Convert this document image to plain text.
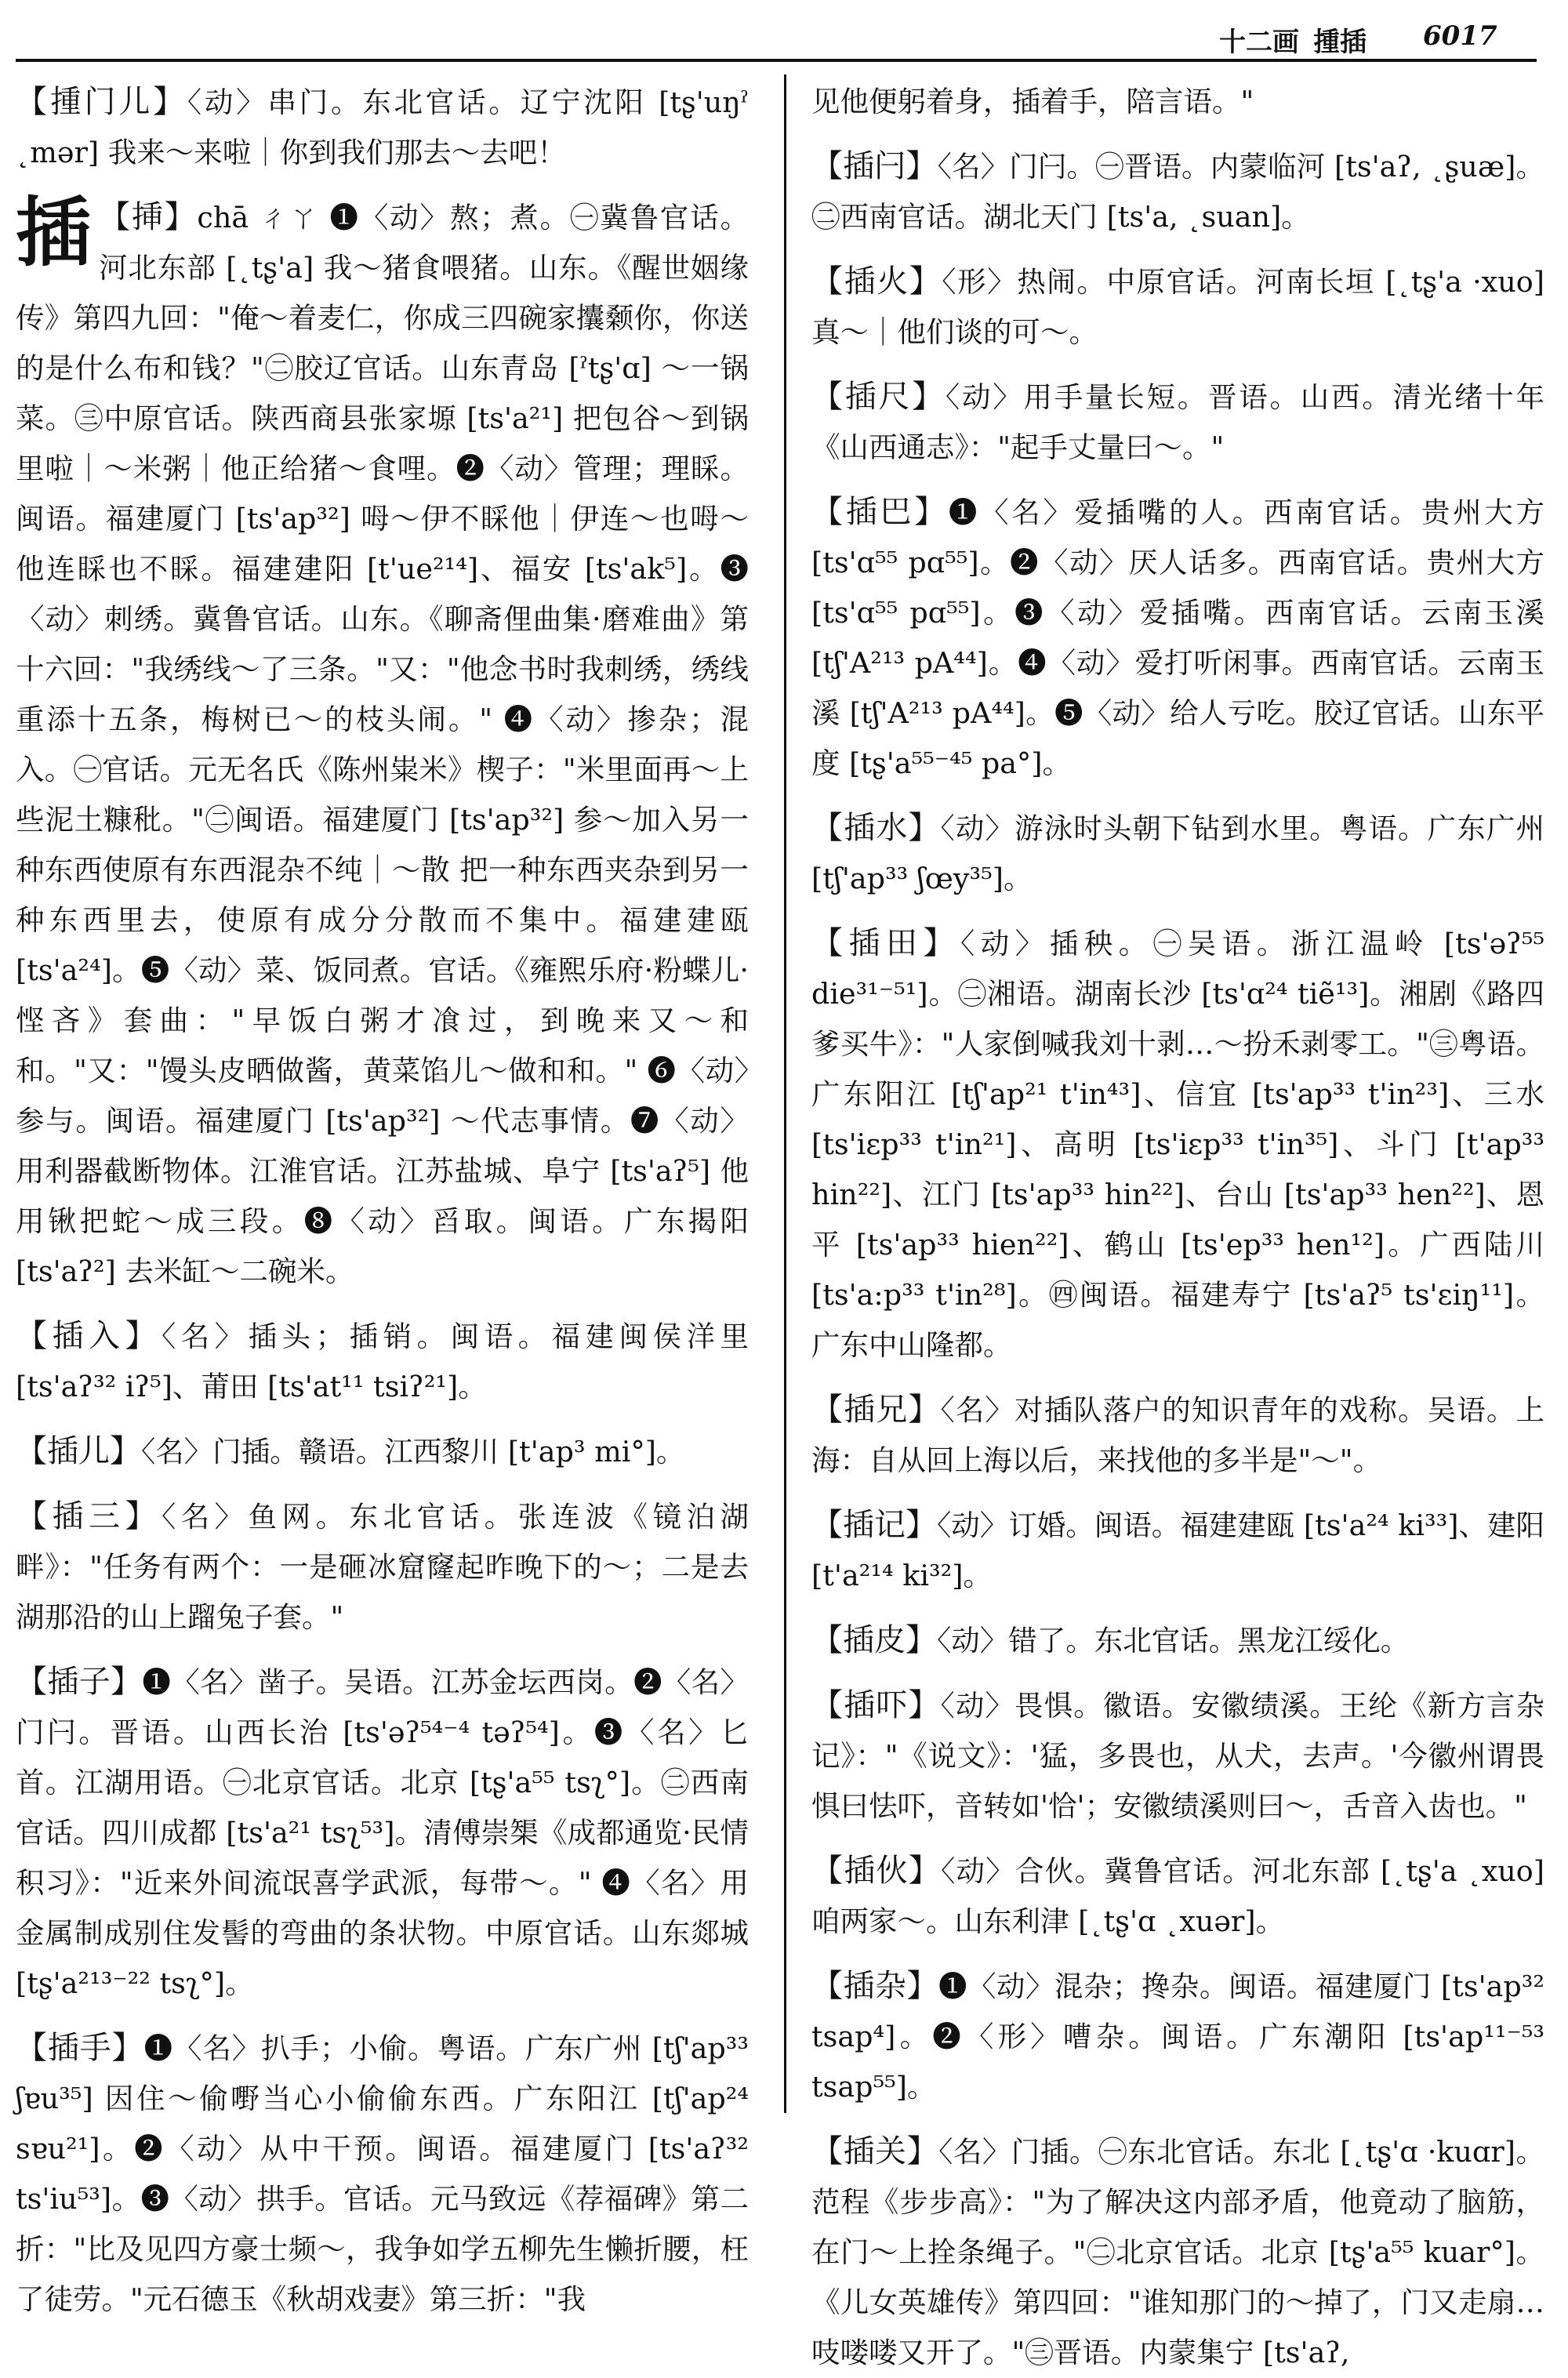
十二画 揰插 6017
【揰门儿】〈动〉串门。东北官话。辽宁沈阳 [tʂ'uŋˀ ˛mər] 我来～来啦｜你到我们那去～去吧！
插 【挿】chā ㄔㄚ ❶〈动〉熬；煮。㊀冀鲁官话。河北东部 [˛tʂ'a] 我～猪食喂猪。山东。《醒世姻缘传》第四九回："俺～着麦仁，你成三四碗家攮颡你，你送的是什么布和钱？"㊁胶辽官话。山东青岛 [ˀtʂ'ɑ] ～一锅菜。㊂中原官话。陕西商县张家塬 [ts'a²¹] 把包谷～到锅里啦｜～米粥｜他正给猪～食哩。❷〈动〉管理；理睬。闽语。福建厦门 [ts'ap³²] 呣～伊不睬他｜伊连～也呣～他连睬也不睬。福建建阳 [t'ue²¹⁴]、福安 [ts'ak⁵]。❸〈动〉刺绣。冀鲁官话。山东。《聊斋俚曲集·磨难曲》第十六回："我绣线～了三条。"又："他念书时我刺绣，绣线重添十五条，梅树已～的枝头闹。" ❹〈动〉掺杂；混入。㊀官话。元无名氏《陈州粜米》楔子："米里面再～上些泥土糠秕。"㊁闽语。福建厦门 [ts'ap³²] 参～加入另一种东西使原有东西混杂不纯｜～散 把一种东西夹杂到另一种东西里去，使原有成分分散而不集中。福建建瓯 [ts'a²⁴]。❺〈动〉菜、饭同煮。官话。《雍熙乐府·粉蝶儿·悭吝》套曲："早饭白粥才飡过，到晚来又～和和。"又："馒头皮晒做酱，黄菜馅儿～做和和。" ❻〈动〉参与。闽语。福建厦门 [ts'ap³²] ～代志事情。❼〈动〉用利器截断物体。江淮官话。江苏盐城、阜宁 [ts'aʔ⁵] 他用锹把蛇～成三段。❽〈动〉舀取。闽语。广东揭阳 [ts'aʔ²] 去米缸～二碗米。
【插入】〈名〉插头；插销。闽语。福建闽侯洋里 [ts'aʔ³² iʔ⁵]、莆田 [ts'at¹¹ tsiʔ²¹]。
【插儿】〈名〉门插。赣语。江西黎川 [t'ap³ mi°]。
【插三】〈名〉鱼网。东北官话。张连波《镜泊湖畔》："任务有两个：一是砸冰窟窿起昨晚下的～；二是去湖那沿的山上蹓兔子套。"
【插子】❶〈名〉凿子。吴语。江苏金坛西岗。❷〈名〉门闩。晋语。山西长治 [ts'əʔ⁵⁴⁻⁴ təʔ⁵⁴]。❸〈名〉匕首。江湖用语。㊀北京官话。北京 [tʂ'a⁵⁵ tsʅ°]。㊁西南官话。四川成都 [ts'a²¹ tsʅ⁵³]。清傅崇榘《成都通览·民情积习》："近来外间流氓喜学武派，每带～。" ❹〈名〉用金属制成别住发髻的弯曲的条状物。中原官话。山东郯城 [tʂ'a²¹³⁻²² tsʅ°]。
【插手】❶〈名〉扒手；小偷。粤语。广东广州 [tʃ'ap³³ ʃɐu³⁵] 因住～偷嘢当心小偷偷东西。广东阳江 [tʃ'ap²⁴ sɐu²¹]。❷〈动〉从中干预。闽语。福建厦门 [ts'aʔ³² ts'iu⁵³]。❸〈动〉拱手。官话。元马致远《荐福碑》第二折："比及见四方豪士频～，我争如学五柳先生懒折腰，枉了徒劳。"元石德玉《秋胡戏妻》第三折："我
见他便躬着身，插着手，陪言语。"
【插闩】〈名〉门闩。㊀晋语。内蒙临河 [ts'aʔ, ˛ʂuæ]。㊁西南官话。湖北天门 [ts'a, ˛suan]。
【插火】〈形〉热闹。中原官话。河南长垣 [˛tʂ'a ·xuo] 真～｜他们谈的可～。
【插尺】〈动〉用手量长短。晋语。山西。清光绪十年《山西通志》："起手丈量曰～。"
【插巴】❶〈名〉爱插嘴的人。西南官话。贵州大方 [ts'ɑ⁵⁵ pɑ⁵⁵]。❷〈动〉厌人话多。西南官话。贵州大方 [ts'ɑ⁵⁵ pɑ⁵⁵]。❸〈动〉爱插嘴。西南官话。云南玉溪 [tʃ'A²¹³ pA⁴⁴]。❹〈动〉爱打听闲事。西南官话。云南玉溪 [tʃ'A²¹³ pA⁴⁴]。❺〈动〉给人亏吃。胶辽官话。山东平度 [tʂ'a⁵⁵⁻⁴⁵ pa°]。
【插水】〈动〉游泳时头朝下钻到水里。粤语。广东广州 [tʃ'ap³³ ʃœy³⁵]。
【插田】〈动〉插秧。㊀吴语。浙江温岭 [ts'əʔ⁵⁵ die³¹⁻⁵¹]。㊁湘语。湖南长沙 [ts'ɑ²⁴ tiẽ¹³]。湘剧《路四爹买牛》："人家倒喊我刘十剥…～扮禾剥零工。"㊂粤语。广东阳江 [tʃ'ap²¹ t'in⁴³]、信宜 [ts'ap³³ t'in²³]、三水 [ts'iɛp³³ t'in²¹]、高明 [ts'iɛp³³ t'in³⁵]、斗门 [t'ap³³ hin²²]、江门 [ts'ap³³ hin²²]、台山 [ts'ap³³ hen²²]、恩平 [ts'ap³³ hien²²]、鹤山 [ts'ep³³ hen¹²]。广西陆川 [ts'a:p³³ t'in²⁸]。㊃闽语。福建寿宁 [ts'aʔ⁵ ts'ɛiŋ¹¹]。广东中山隆都。
【插兄】〈名〉对插队落户的知识青年的戏称。吴语。上海：自从回上海以后，来找他的多半是"～"。
【插记】〈动〉订婚。闽语。福建建瓯 [ts'a²⁴ ki³³]、建阳 [t'a²¹⁴ ki³²]。
【插皮】〈动〉错了。东北官话。黑龙江绥化。
【插吓】〈动〉畏惧。徽语。安徽绩溪。王纶《新方言杂记》："《说文》：'猛，多畏也，从犬，去声。'今徽州谓畏惧曰怯吓，音转如'恰'；安徽绩溪则曰～，舌音入齿也。"
【插伙】〈动〉合伙。冀鲁官话。河北东部 [˛tʂ'a ˛xuo] 咱两家～。山东利津 [˛tʂ'ɑ ˛xuər]。
【插杂】❶〈动〉混杂；搀杂。闽语。福建厦门 [ts'ap³² tsap⁴]。❷〈形〉嘈杂。闽语。广东潮阳 [ts'ap¹¹⁻⁵³ tsap⁵⁵]。
【插关】〈名〉门插。㊀东北官话。东北 [˛tʂ'ɑ ·kuɑr]。范程《步步高》："为了解决这内部矛盾，他竟动了脑筋，在门～上拴条绳子。"㊁北京官话。北京 [tʂ'a⁵⁵ kuar°]。《儿女英雄传》第四回："谁知那门的～掉了，门又走扇…吱喽喽又开了。"㊂晋语。内蒙集宁 [ts'aʔ,
